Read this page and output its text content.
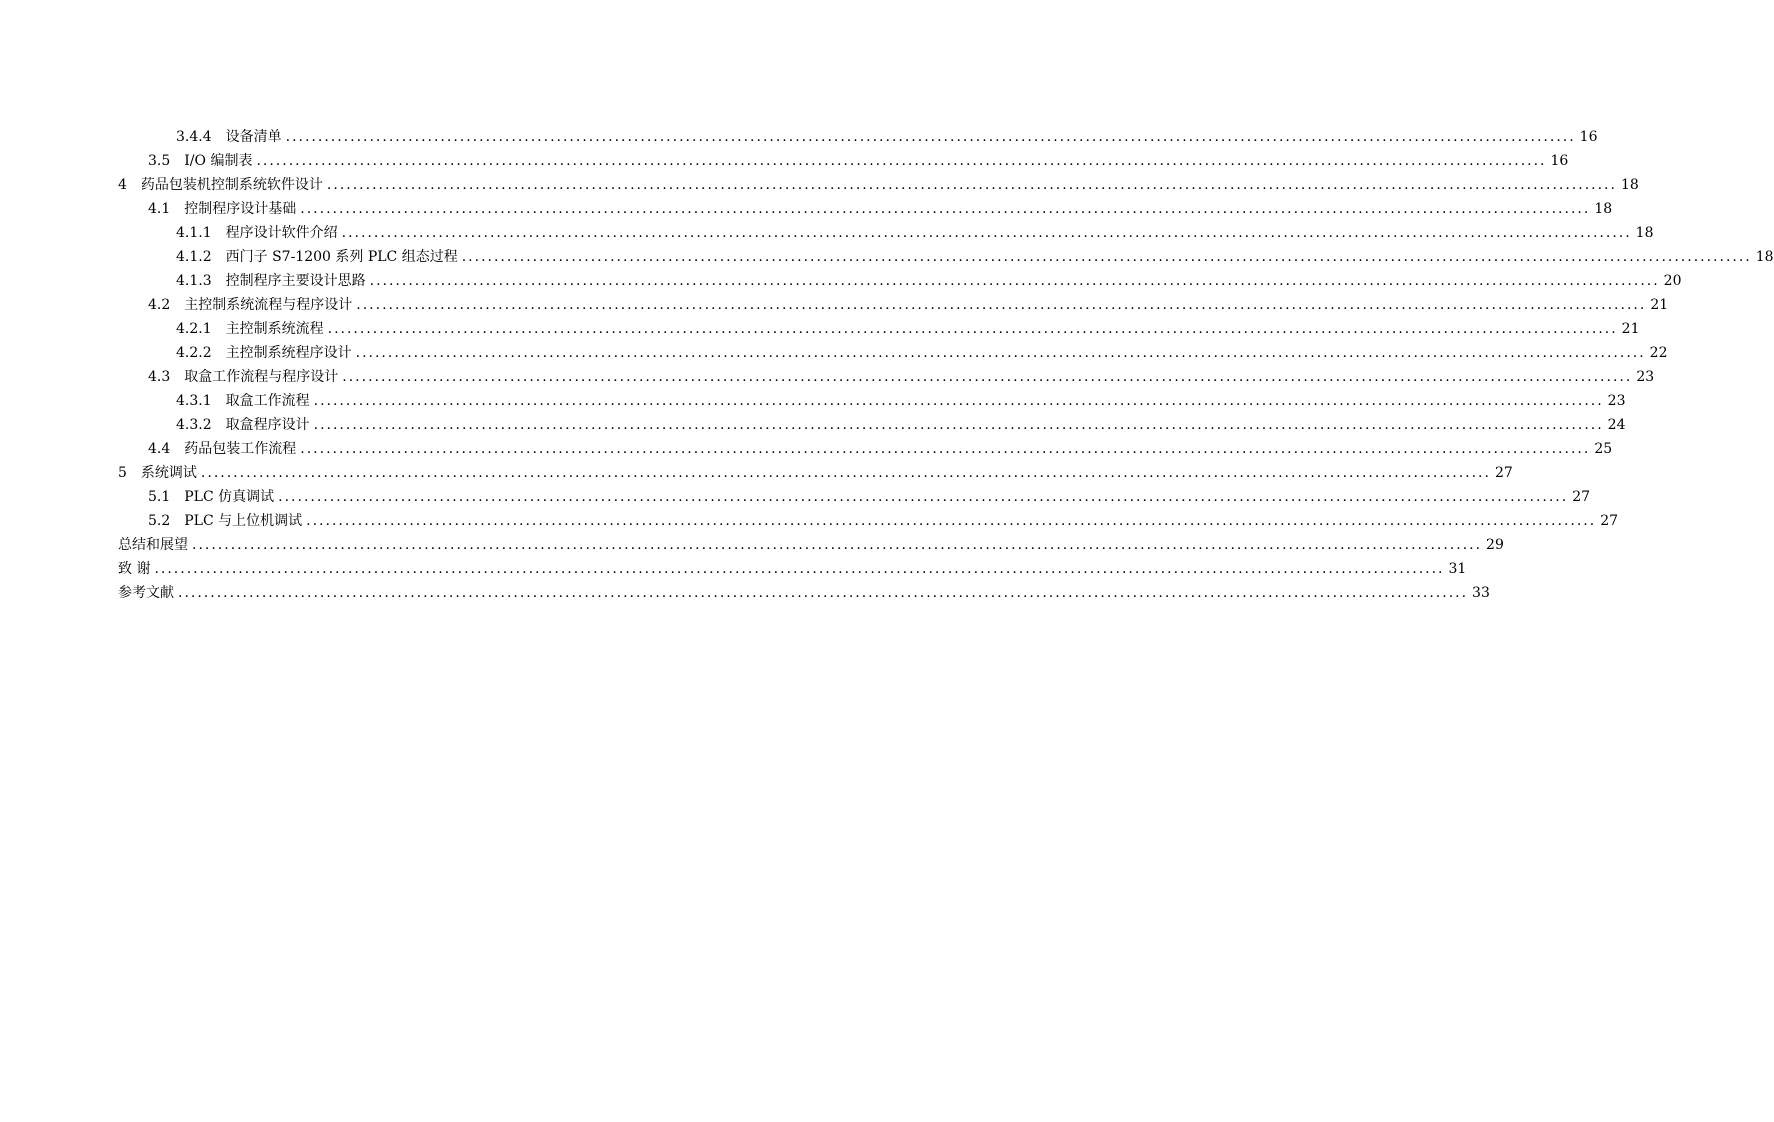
3.4.4 设备清单 ........................................................................................................................................................................................................ 16
3.5 I/O 编制表 ........................................................................................................................................................................................................ 16
4 药品包装机控制系统软件设计 ........................................................................................................................................................................................................ 18
4.1 控制程序设计基础 ........................................................................................................................................................................................................ 18
4.1.1 程序设计软件介绍 ........................................................................................................................................................................................................ 18
4.1.2 西门子 S7-1200 系列 PLC 组态过程 ........................................................................................................................................................................................................ 18
4.1.3 控制程序主要设计思路 ........................................................................................................................................................................................................ 20
4.2 主控制系统流程与程序设计 ........................................................................................................................................................................................................ 21
4.2.1 主控制系统流程 ........................................................................................................................................................................................................ 21
4.2.2 主控制系统程序设计 ........................................................................................................................................................................................................ 22
4.3 取盒工作流程与程序设计 ........................................................................................................................................................................................................ 23
4.3.1 取盒工作流程 ........................................................................................................................................................................................................ 23
4.3.2 取盒程序设计 ........................................................................................................................................................................................................ 24
4.4 药品包装工作流程 ........................................................................................................................................................................................................ 25
5 系统调试 ........................................................................................................................................................................................................ 27
5.1 PLC 仿真调试 ........................................................................................................................................................................................................ 27
5.2 PLC 与上位机调试 ........................................................................................................................................................................................................ 27
总结和展望 ........................................................................................................................................................................................................ 29
致 谢 ........................................................................................................................................................................................................ 31
参考文献 ........................................................................................................................................................................................................ 33
